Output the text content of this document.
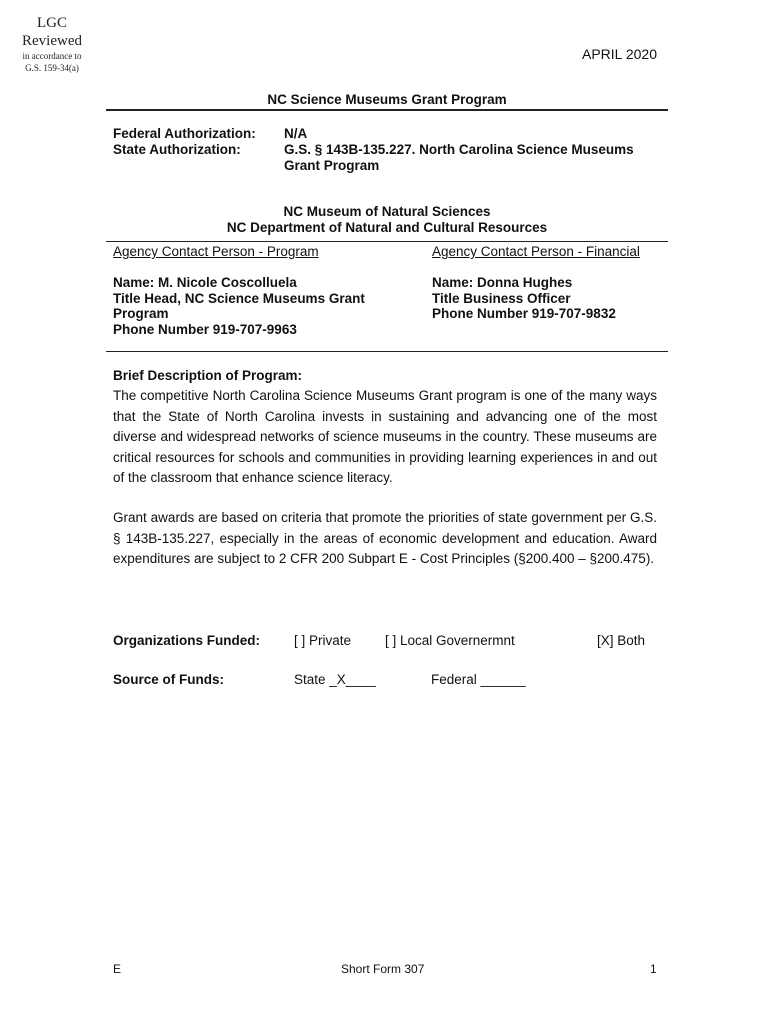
LGC
Reviewed
in accordance to
G.S. 159-34(a)
APRIL 2020
NC Science Museums Grant Program
Federal Authorization: N/A
State Authorization:	G.S. § 143B-135.227. North Carolina Science Museums
Grant Program
NC Museum of Natural Sciences
NC Department of Natural and Cultural Resources
Agency Contact Person - Program
Name: M. Nicole Coscolluela
Title Head, NC Science Museums Grant
Program
Phone Number 919-707-9963
Agency Contact Person - Financial
Name: Donna Hughes
Title Business Officer
Phone Number 919-707-9832
Brief Description of Program:
The competitive North Carolina Science Museums Grant program is one of the many ways that the State of North Carolina invests in sustaining and advancing one of the most diverse and widespread networks of science museums in the country. These museums are critical resources for schools and communities in providing learning experiences in and out of the classroom that enhance science literacy.
Grant awards are based on criteria that promote the priorities of state government per G.S. § 143B-135.227, especially in the areas of economic development and education. Award expenditures are subject to 2 CFR 200 Subpart E - Cost Principles (§200.400 – §200.475).
Organizations Funded:	[ ] Private	[ ] Local Governermnt	[X] Both
Source of Funds:	State _X____	Federal ______
E	Short Form 307	1
